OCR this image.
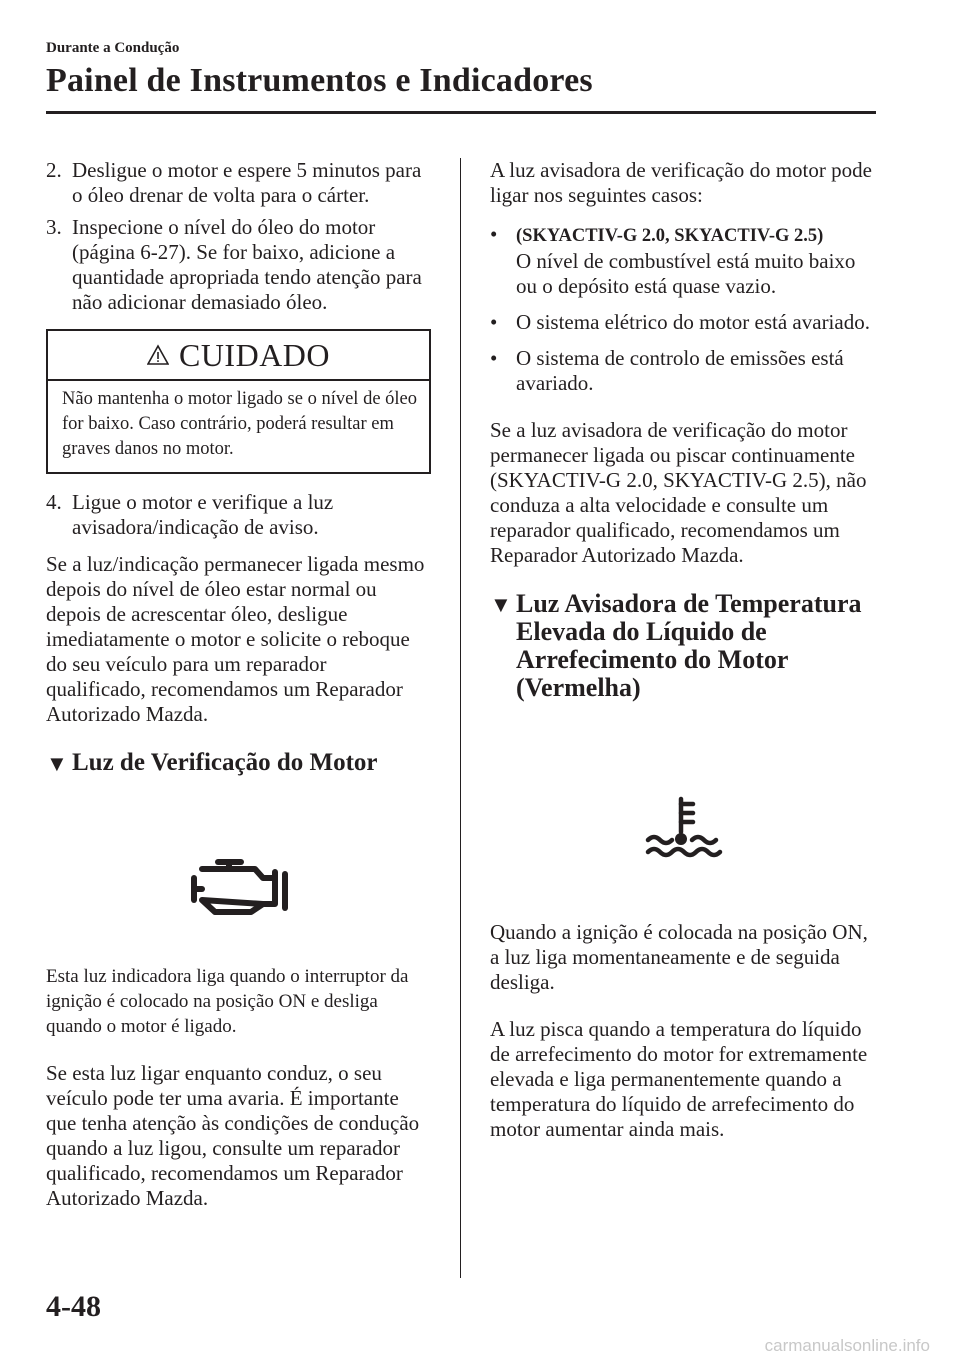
Durante a Condução
Painel de Instrumentos e Indicadores
2. Desligue o motor e espere 5 minutos para o óleo drenar de volta para o cárter.
3. Inspecione o nível do óleo do motor (página 6-27). Se for baixo, adicione a quantidade apropriada tendo atenção para não adicionar demasiado óleo.
CUIDADO
Não mantenha o motor ligado se o nível de óleo for baixo. Caso contrário, poderá resultar em graves danos no motor.
4. Ligue o motor e verifique a luz avisadora/indicação de aviso.

Se a luz/indicação permanecer ligada mesmo depois do nível de óleo estar normal ou depois de acrescentar óleo, desligue imediatamente o motor e solicite o reboque do seu veículo para um reparador qualificado, recomendamos um Reparador Autorizado Mazda.

▼ Luz de Verificação do Motor

Esta luz indicadora liga quando o interruptor da ignição é colocado na posição ON e desliga quando o motor é ligado.

Se esta luz ligar enquanto conduz, o seu veículo pode ter uma avaria. É importante que tenha atenção às condições de condução quando a luz ligou, consulte um reparador qualificado, recomendamos um Reparador Autorizado Mazda.

A luz avisadora de verificação do motor pode ligar nos seguintes casos:

• (SKYACTIV-G 2.0, SKYACTIV-G 2.5)
O nível de combustível está muito baixo ou o depósito está quase vazio.
• O sistema elétrico do motor está avariado.
• O sistema de controlo de emissões está avariado.

Se a luz avisadora de verificação do motor permanecer ligada ou piscar continuamente (SKYACTIV-G 2.0, SKYACTIV-G 2.5), não conduza a alta velocidade e consulte um reparador qualificado, recomendamos um Reparador Autorizado Mazda.

▼ Luz Avisadora de Temperatura Elevada do Líquido de Arrefecimento do Motor (Vermelha)

Quando a ignição é colocada na posição ON, a luz liga momentaneamente e de seguida desliga.

A luz pisca quando a temperatura do líquido de arrefecimento do motor for extremamente elevada e liga permanentemente quando a temperatura do líquido de arrefecimento do motor aumentar ainda mais.

4-48
carmanualsonline.info
